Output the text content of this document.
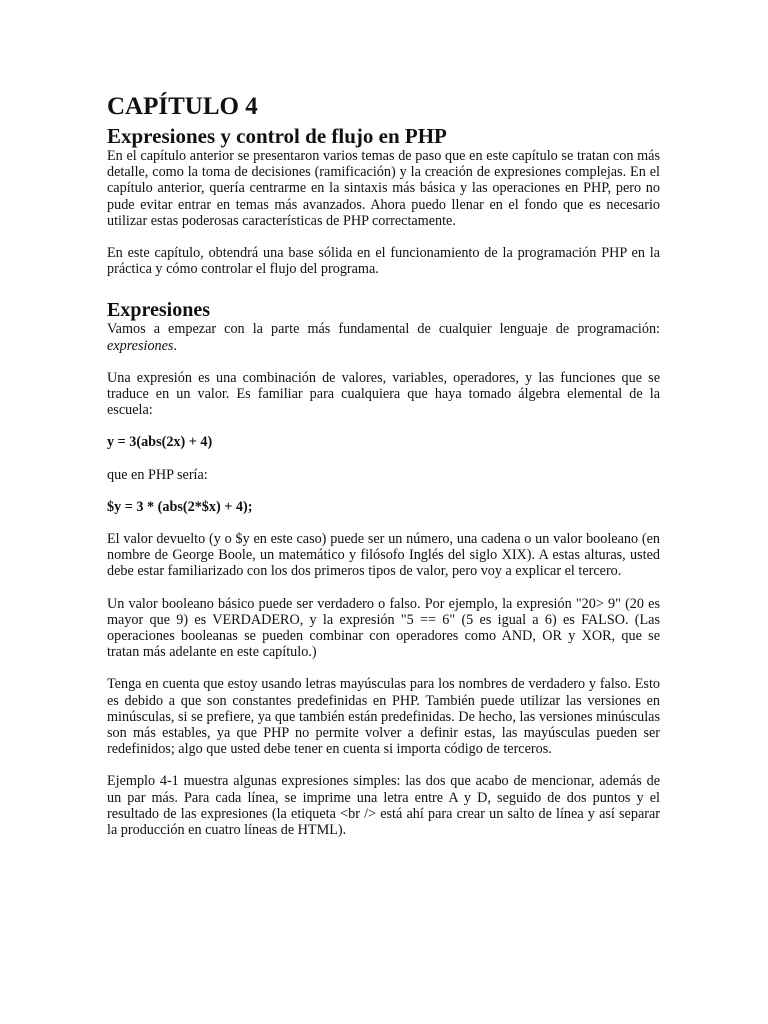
CAPÍTULO 4
Expresiones y control de flujo en PHP

En el capítulo anterior se presentaron varios temas de paso que en este capítulo se tratan con más detalle, como la toma de decisiones (ramificación) y la creación de expresiones complejas. En el capítulo anterior, quería centrarme en la sintaxis más básica y las operaciones en PHP, pero no pude evitar entrar en temas más avanzados. Ahora puedo llenar en el fondo que es necesario utilizar estas poderosas características de PHP correctamente.

En este capítulo, obtendrá una base sólida en el funcionamiento de la programación PHP en la práctica y cómo controlar el flujo del programa.

Expresiones

Vamos a empezar con la parte más fundamental de cualquier lenguaje de programación: expresiones.

Una expresión es una combinación de valores, variables, operadores, y las funciones que se traduce en un valor. Es familiar para cualquiera que haya tomado álgebra elemental de la escuela:

y = 3(abs(2x) + 4)

que en PHP sería:

$y = 3 * (abs(2*$x) + 4);

El valor devuelto (y o $y en este caso) puede ser un número, una cadena o un valor booleano (en nombre de George Boole, un matemático y filósofo Inglés del siglo XIX). A estas alturas, usted debe estar familiarizado con los dos primeros tipos de valor, pero voy a explicar el tercero.

Un valor booleano básico puede ser verdadero o falso. Por ejemplo, la expresión "20> 9" (20 es mayor que 9) es VERDADERO, y la expresión "5 == 6" (5 es igual a 6) es FALSO. (Las operaciones booleanas se pueden combinar con operadores como AND, OR y XOR, que se tratan más adelante en este capítulo.)

Tenga en cuenta que estoy usando letras mayúsculas para los nombres de verdadero y falso. Esto es debido a que son constantes predefinidas en PHP. También puede utilizar las versiones en minúsculas, si se prefiere, ya que también están predefinidas. De hecho, las versiones minúsculas son más estables, ya que PHP no permite volver a definir estas, las mayúsculas pueden ser redefinidos; algo que usted debe tener en cuenta si importa código de terceros.

Ejemplo 4-1 muestra algunas expresiones simples: las dos que acabo de mencionar, además de un par más. Para cada línea, se imprime una letra entre A y D, seguido de dos puntos y el resultado de las expresiones (la etiqueta <br /> está ahí para crear un salto de línea y así separar la producción en cuatro líneas de HTML).
